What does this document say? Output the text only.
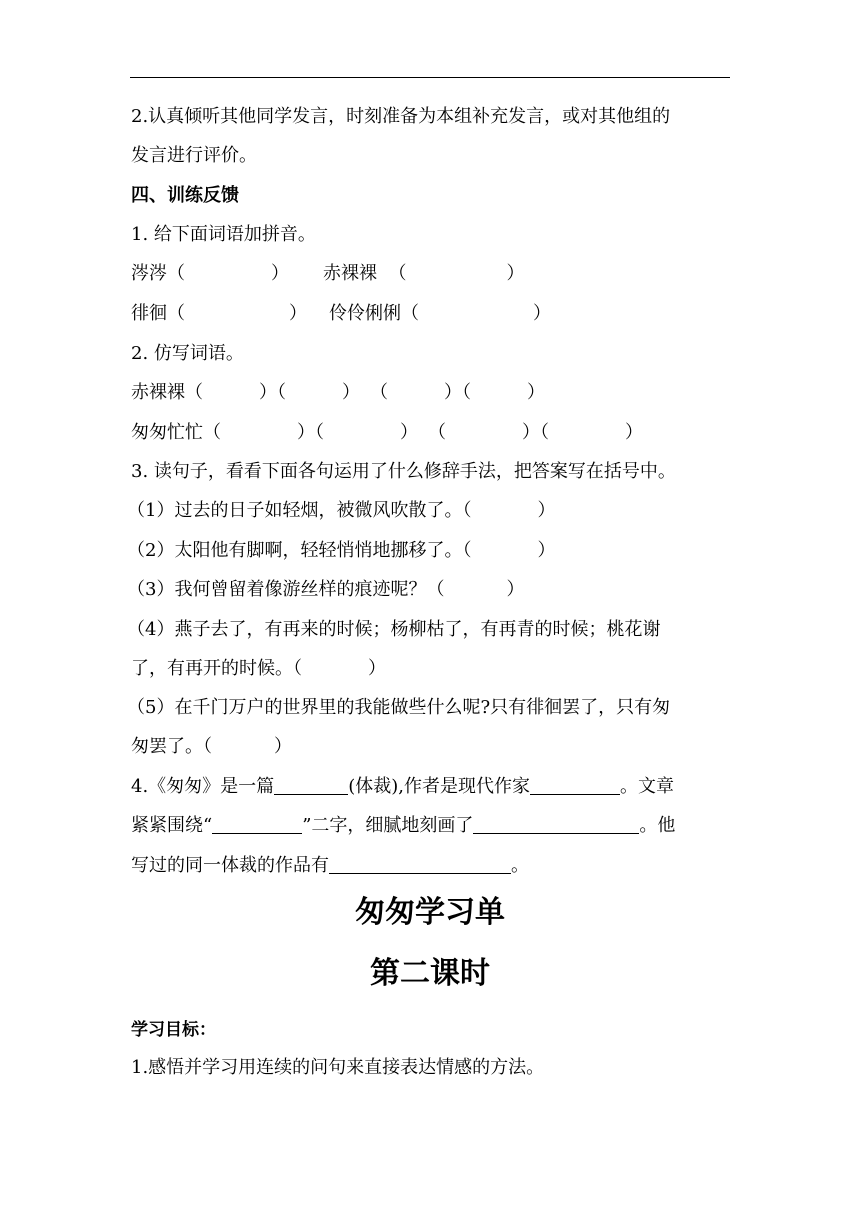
2.认真倾听其他同学发言，时刻准备为本组补充发言，或对其他组的
发言进行评价。
四、训练反馈
1. 给下面词语加拼音。
涔涔（	） 赤裸裸  （	）
徘徊（	） 伶伶俐俐（	）
2. 仿写词语。
赤裸裸（	）（	） （	）（	）
匆匆忙忙（	）（	） （	）（	）
3. 读句子，看看下面各句运用了什么修辞手法，把答案写在括号中。
（1）过去的日子如轻烟，被微风吹散了。（	）
（2）太阳他有脚啊，轻轻悄悄地挪移了。（	）
（3）我何曾留着像游丝样的痕迹呢？（	）
（4）燕子去了，有再来的时候；杨柳枯了，有再青的时候；桃花谢
了，有再开的时候。（	）
（5）在千门万户的世界里的我能做些什么呢?只有徘徊罢了，只有匆
匆罢了。（	）
4.《匆匆》是一篇	(体裁),作者是现代作家	。文章
紧紧围绕“	”二字，细腻地刻画了	。他
写过的同一体裁的作品有	。
匆匆学习单
第二课时
学习目标：
1.感悟并学习用连续的问句来直接表达情感的方法。
